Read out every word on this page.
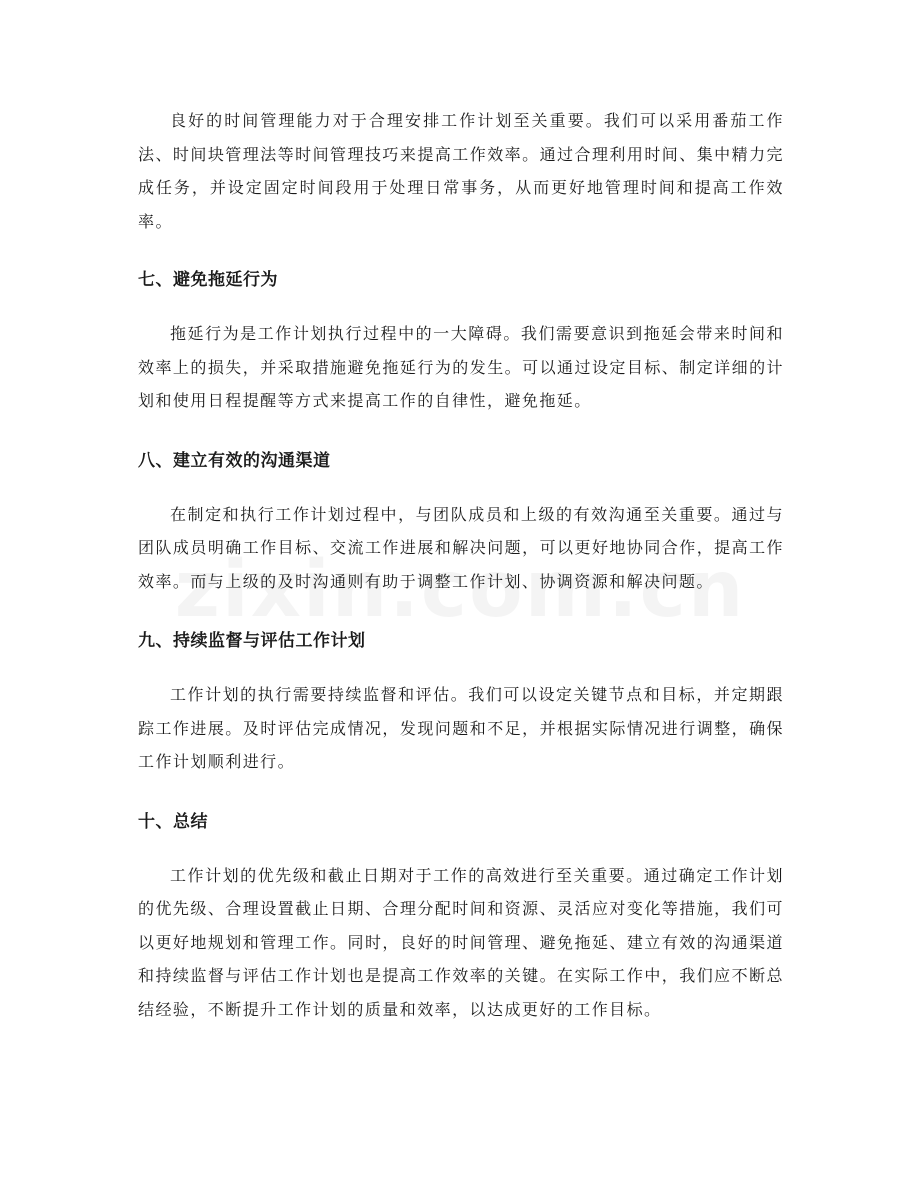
良好的时间管理能力对于合理安排工作计划至关重要。我们可以采用番茄工作法、时间块管理法等时间管理技巧来提高工作效率。通过合理利用时间、集中精力完成任务，并设定固定时间段用于处理日常事务，从而更好地管理时间和提高工作效率。

七、避免拖延行为

拖延行为是工作计划执行过程中的一大障碍。我们需要意识到拖延会带来时间和效率上的损失，并采取措施避免拖延行为的发生。可以通过设定目标、制定详细的计划和使用日程提醒等方式来提高工作的自律性，避免拖延。

八、建立有效的沟通渠道

在制定和执行工作计划过程中，与团队成员和上级的有效沟通至关重要。通过与团队成员明确工作目标、交流工作进展和解决问题，可以更好地协同合作，提高工作效率。而与上级的及时沟通则有助于调整工作计划、协调资源和解决问题。

九、持续监督与评估工作计划

工作计划的执行需要持续监督和评估。我们可以设定关键节点和目标，并定期跟踪工作进展。及时评估完成情况，发现问题和不足，并根据实际情况进行调整，确保工作计划顺利进行。

十、总结

工作计划的优先级和截止日期对于工作的高效进行至关重要。通过确定工作计划的优先级、合理设置截止日期、合理分配时间和资源、灵活应对变化等措施，我们可以更好地规划和管理工作。同时，良好的时间管理、避免拖延、建立有效的沟通渠道和持续监督与评估工作计划也是提高工作效率的关键。在实际工作中，我们应不断总结经验，不断提升工作计划的质量和效率，以达成更好的工作目标。
